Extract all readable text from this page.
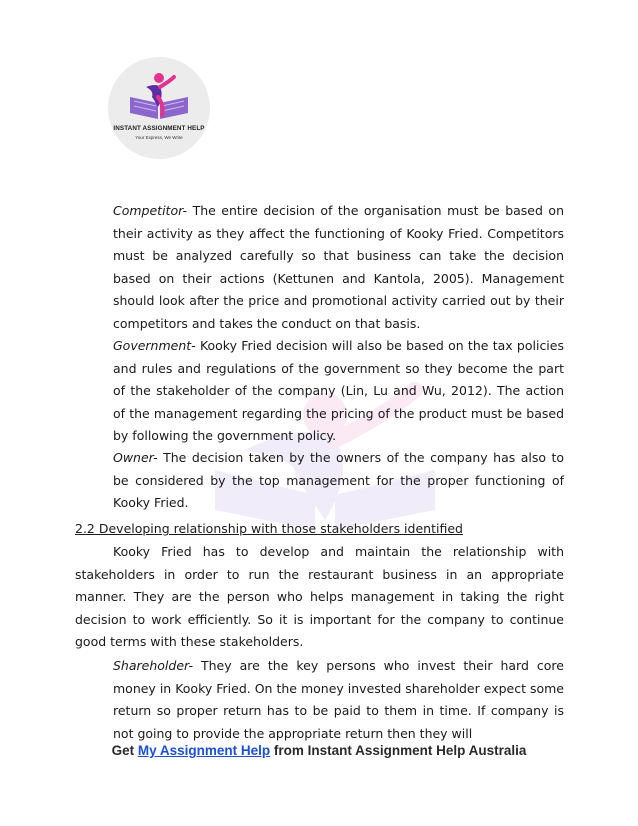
INSTANT ASSIGNMENT HELP
Your Express, We Write
Competitor- The entire decision of the organisation must be based on their activity as they affect the functioning of Kooky Fried. Competitors must be analyzed carefully so that business can take the decision based on their actions (Kettunen and Kantola, 2005). Management should look after the price and promotional activity carried out by their competitors and takes the conduct on that basis.
Government- Kooky Fried decision will also be based on the tax policies and rules and regulations of the government so they become the part of the stakeholder of the company (Lin, Lu and Wu, 2012). The action of the management regarding the pricing of the product must be based by following the government policy.
Owner- The decision taken by the owners of the company has also to be considered by the top management for the proper functioning of Kooky Fried.
2.2 Developing relationship with those stakeholders identified
Kooky Fried has to develop and maintain the relationship with stakeholders in order to run the restaurant business in an appropriate manner. They are the person who helps management in taking the right decision to work efficiently. So it is important for the company to continue good terms with these stakeholders.
Shareholder- They are the key persons who invest their hard core money in Kooky Fried. On the money invested shareholder expect some return so proper return has to be paid to them in time. If company is not going to provide the appropriate return then they will
Get My Assignment Help from Instant Assignment Help Australia
